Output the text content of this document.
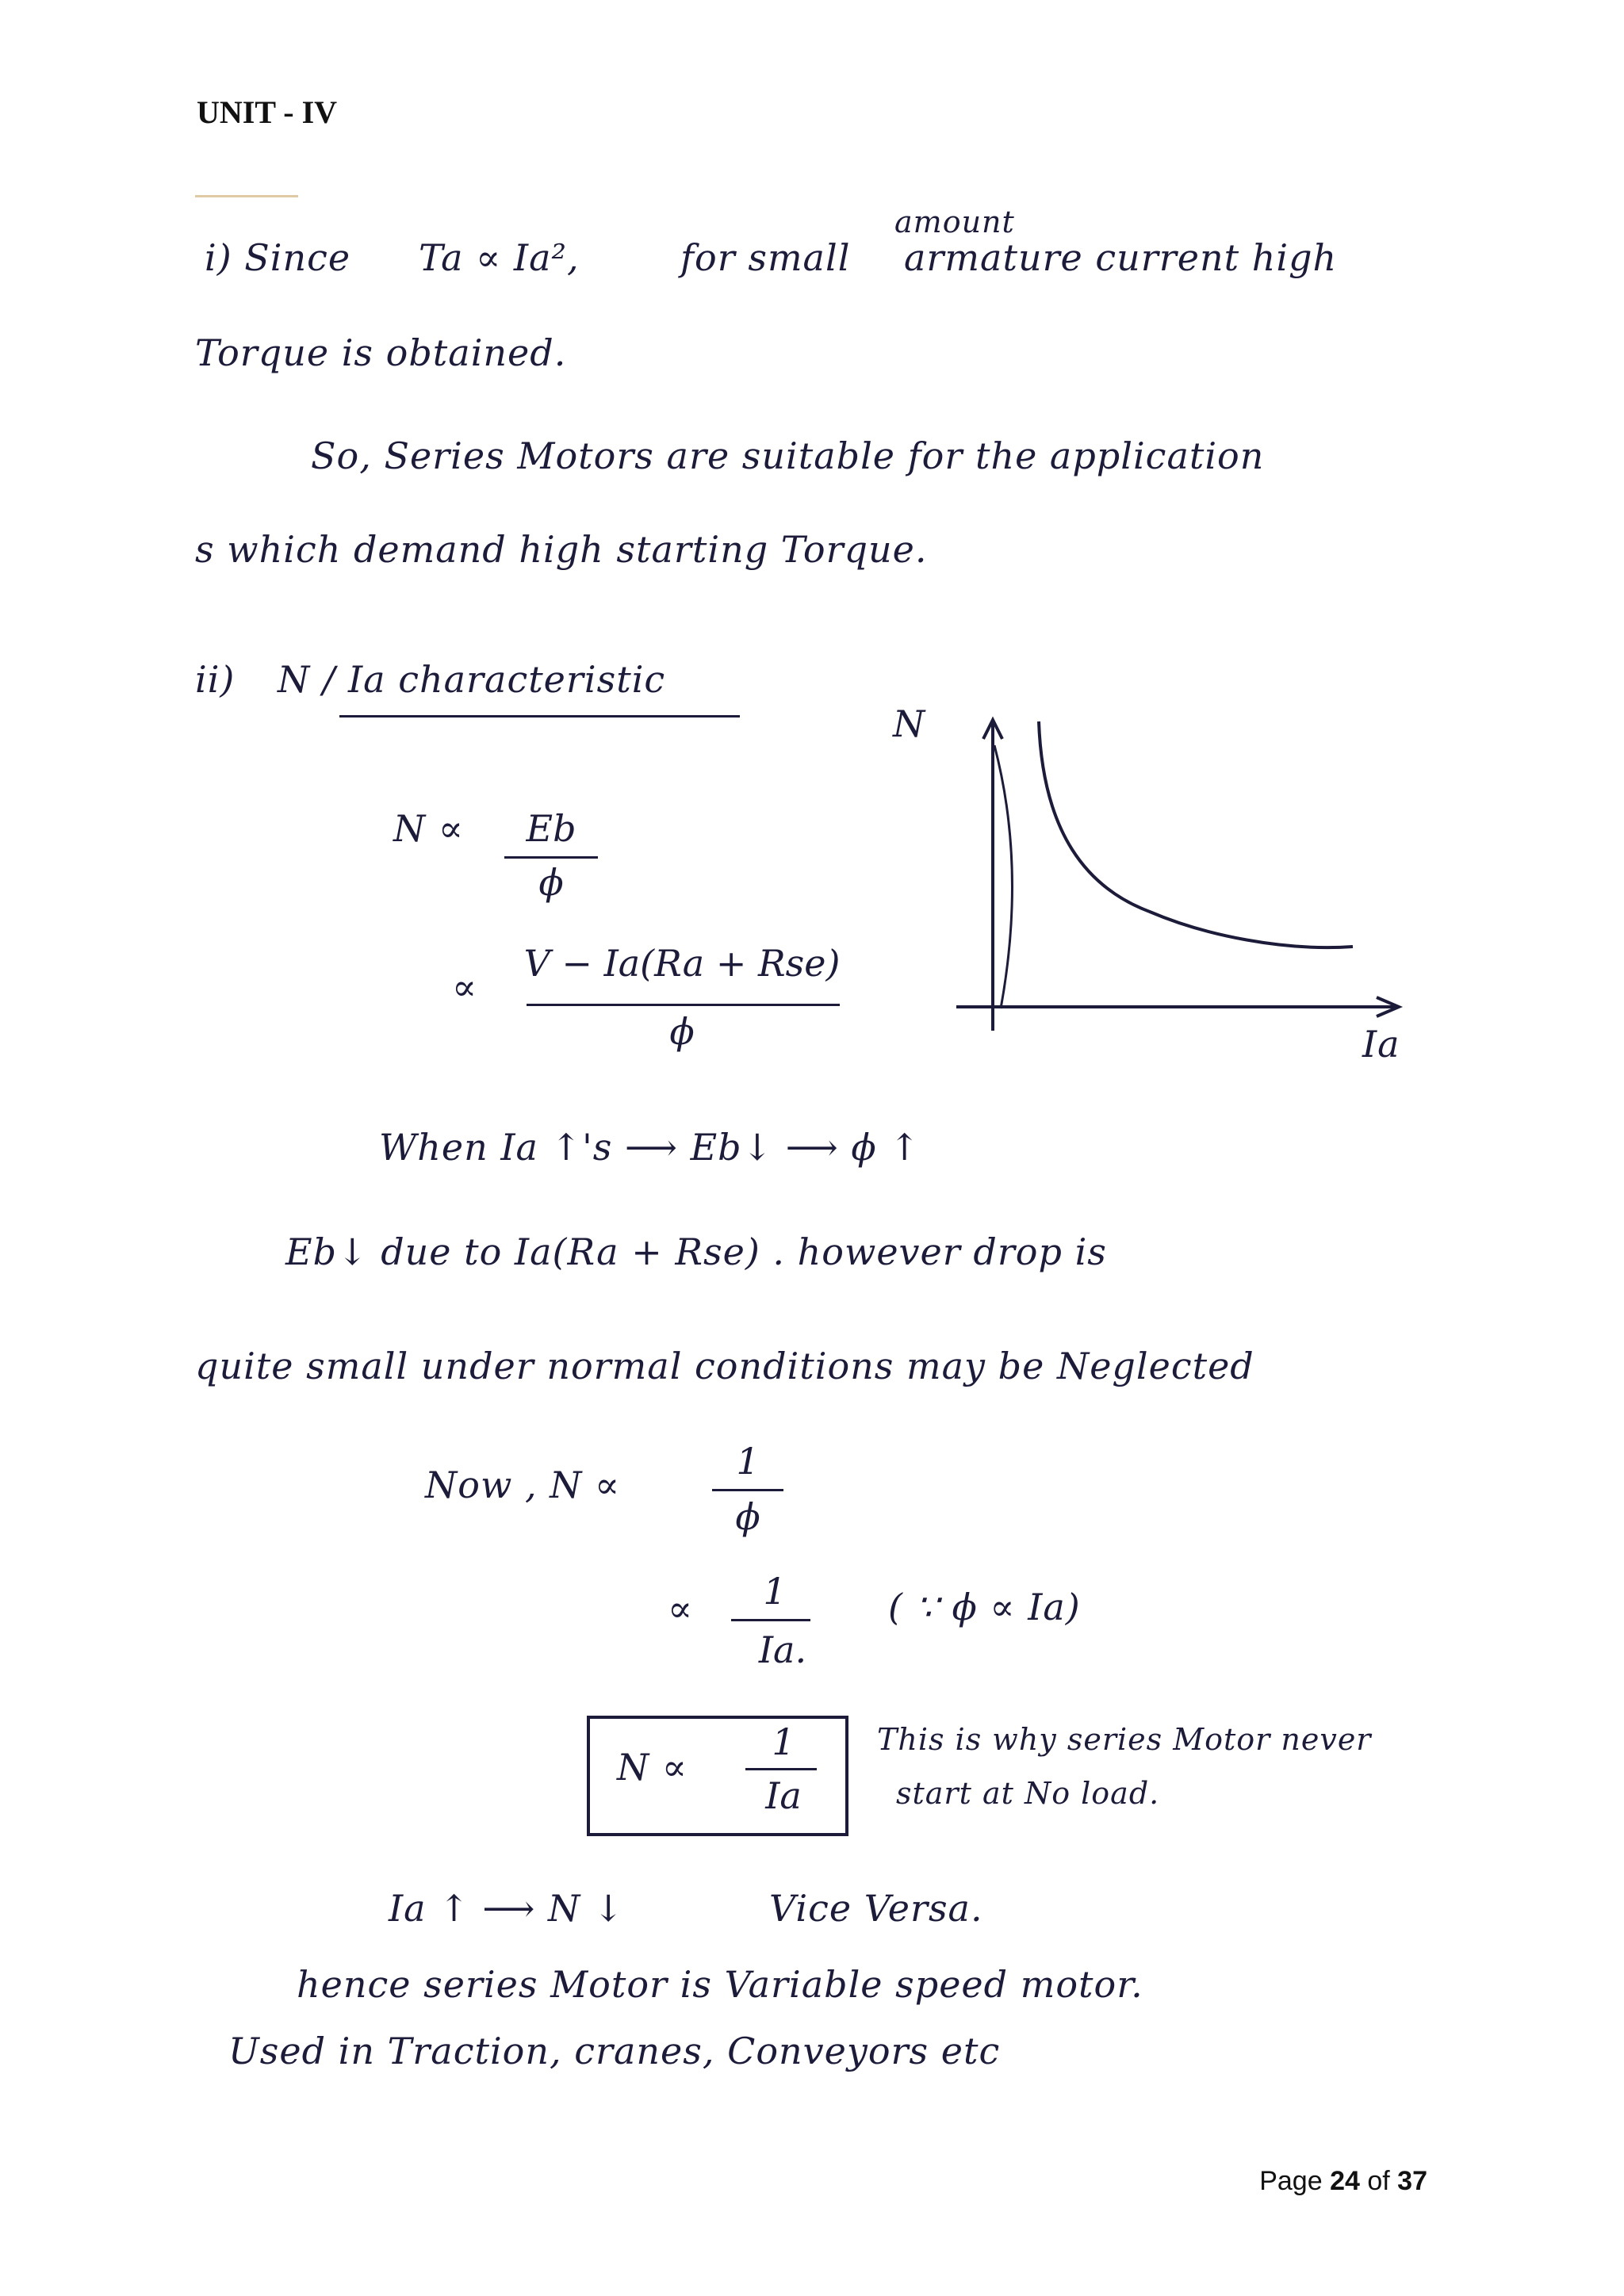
UNIT - IV
i) Since Ta ∝ Ia²,	for small
amount
armature current high
Torque is obtained.
So, Series Motors are suitable for the application
s which demand high starting Torque.
ii) N / Ia characteristic
N ∝	Eb
ϕ
∝
V − Ia(Ra + Rse)
ϕ
N
Ia
When Ia ↑'s ⟶ Eb↓ ⟶ ϕ ↑
Eb↓ due to Ia(Ra + Rse) . however drop is
quite small under normal conditions may be Neglected
Now , N ∝
1
ϕ
∝	1
Ia.
( ∵ ϕ ∝ Ia)
N ∝
1
Ia
This is why series Motor never
start at No load.
Ia ↑ ⟶ N ↓	Vice Versa.
hence series Motor is Variable speed motor.
Used in Traction, cranes, Conveyors etc
Page 24 of 37
